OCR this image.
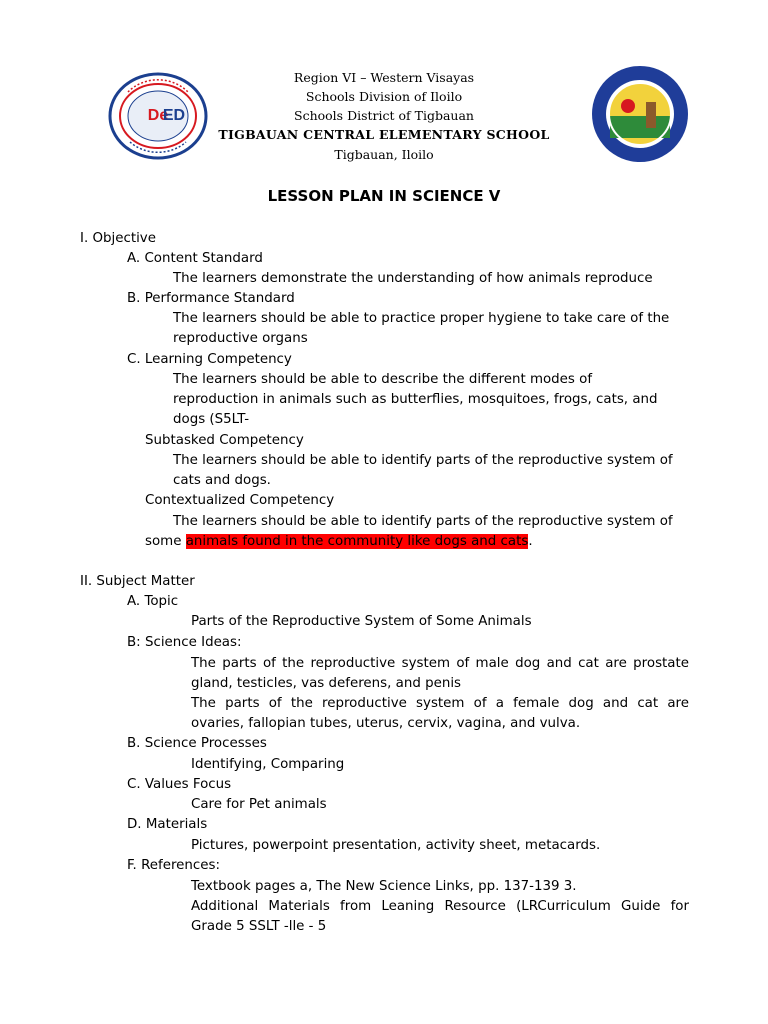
De
ED
Region VI – Western Visayas
Schools Division of Iloilo
Schools District of Tigbauan
TIGBAUAN CENTRAL ELEMENTARY SCHOOL
Tigbauan, Iloilo
LESSON PLAN IN SCIENCE V
I. Objective
A. Content Standard
The learners demonstrate the understanding of how animals reproduce
B. Performance Standard
The learners should be able to practice proper hygiene to take care of the
reproductive organs
C. Learning Competency
The learners should be able to describe the different modes of
reproduction in animals such as butterflies, mosquitoes, frogs, cats, and
dogs (S5LT-
Subtasked Competency
The learners should be able to identify parts of the reproductive system of
cats and dogs.
Contextualized Competency
The learners should be able to identify parts of the reproductive system of
some animals found in the community like dogs and cats.
II. Subject Matter
A. Topic
Parts of the Reproductive System of Some Animals
B: Science Ideas:
The parts of the reproductive system of male dog and cat are prostate
gland, testicles, vas deferens, and penis
The parts of the reproductive system of a female dog and cat are
ovaries, fallopian tubes, uterus, cervix, vagina, and vulva.
B. Science Processes
Identifying, Comparing
C. Values Focus
Care for Pet animals
D. Materials
Pictures, powerpoint presentation, activity sheet, metacards.
F. References:
Textbook pages a, The New Science Links, pp. 137-139 3.
Additional Materials from Leaning Resource (LRCurriculum Guide for
Grade 5 SSLT -lle - 5
